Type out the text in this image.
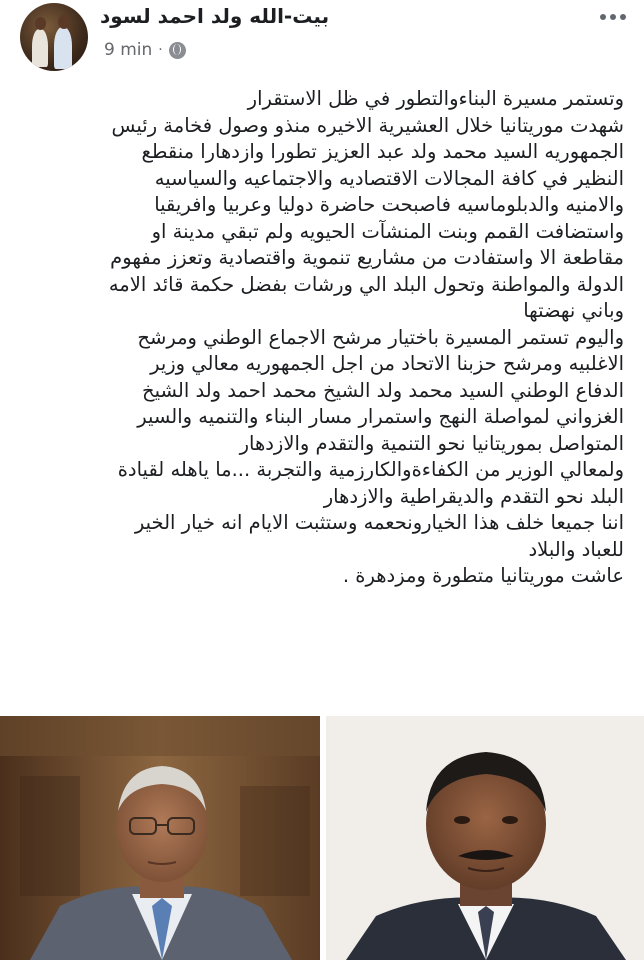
بيت-الله ولد احمد لسود
9 min ·
وتستمر مسيرة البناءوالتطور في ظل الاستقرار
شهدت موريتانيا خلال العشيرية الاخيره منذو وصول فخامة رئيس
الجمهوريه السيد محمد ولد عبد العزيز تطورا وازدهارا منقطع
النظير في كافة المجالات الاقتصاديه والاجتماعيه والسياسيه
والامنيه والدبلوماسيه فاصبحت حاضرة دوليا وعربيا وافريقيا
واستضافت القمم وبنت المنشآت الحيويه ولم تبقي مدينة او
مقاطعة الا واستفادت من مشاريع تنموية واقتصادية وتعزز مفهوم
الدولة والمواطنة وتحول البلد الي ورشات بفضل حكمة قائد الامه
وباني نهضتها
واليوم تستمر المسيرة باختيار مرشح الاجماع الوطني ومرشح
الاغلبيه ومرشح حزبنا الاتحاد من اجل الجمهوريه معالي وزير
الدفاع الوطني السيد محمد ولد الشيخ محمد احمد ولد الشيخ
الغزواني لمواصلة النهج واستمرار مسار البناء والتنميه والسير
المتواصل بموريتانيا نحو التنمية والتقدم والازدهار
ولمعالي الوزير من الكفاءةوالكارزمية والتجربة ...ما ياهله لقيادة
البلد نحو التقدم والديقراطية والازدهار
اننا جميعا خلف هذا الخيارونحعمه وستثبت الايام انه خيار الخير
للعباد والبلاد
عاشت موريتانيا متطورة ومزدهرة .
